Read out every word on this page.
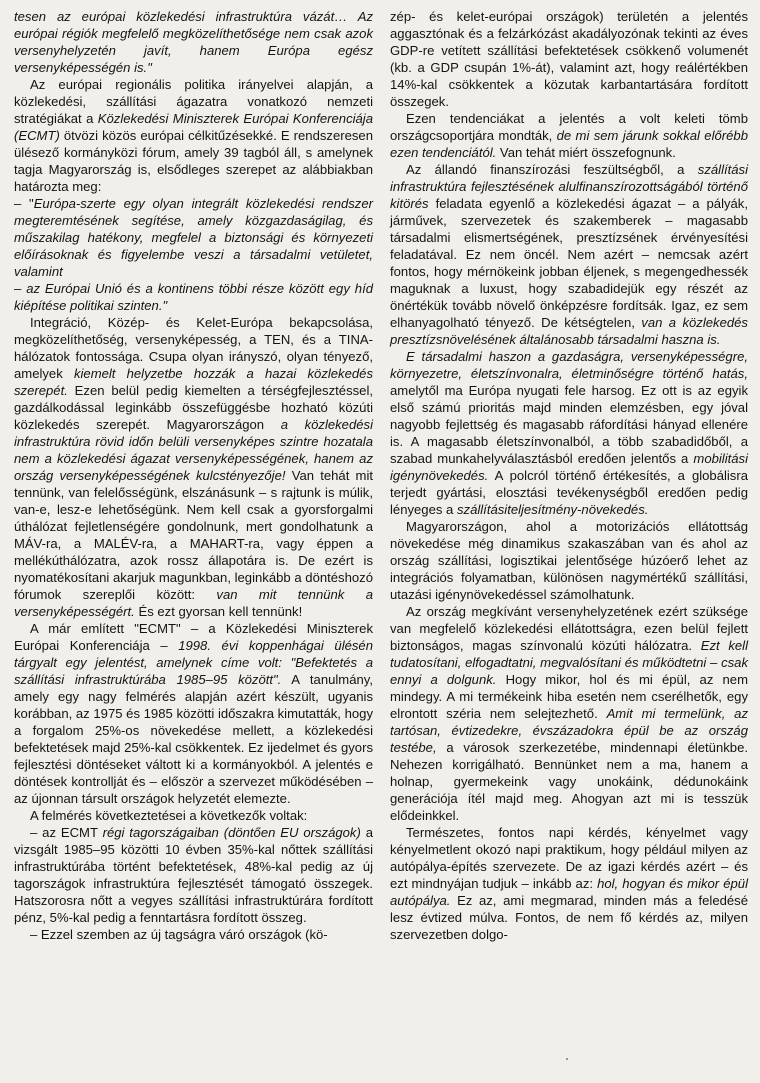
tesen az európai közlekedési infrastruktúra vázát… Az európai régiók megfelelő megközelíthetősége nem csak azok versenyhelyzetén javít, hanem Európa egész versenyképességén is."

Az európai regionális politika irányelvei alapján, a közlekedési, szállítási ágazatra vonatkozó nemzeti stratégiákat a Közlekedési Miniszterek Európai Konferenciája (ECMT) ötvözi közös európai célkitűzésekké. E rendszeresen ülésező kormányközi fórum, amely 39 tagból áll, s amelynek tagja Magyarország is, elsődleges szerepet az alábbiakban határozta meg:

– "Európa-szerte egy olyan integrált közlekedési rendszer megteremtésének segítése, amely közgazdaságilag, és műszakilag hatékony, megfelel a biztonsági és környezeti előírásoknak és figyelembe veszi a társadalmi vetületet, valamint

– az Európai Unió és a kontinens többi része között egy híd kiépítése politikai szinten."

Integráció, Közép- és Kelet-Európa bekapcsolása, megközelíthetőség, versenyképesség, a TEN, és a TINA-hálózatok fontossága. Csupa olyan irányszó, olyan tényező, amelyek kiemelt helyzetbe hozzák a hazai közlekedés szerepét. Ezen belül pedig kiemelten a térségfejlesztéssel, gazdálkodással leginkább összefüggésbe hozható közúti közlekedés szerepét. Magyarországon a közlekedési infrastruktúra rövid időn belüli versenyképes szintre hozatala nem a közlekedési ágazat versenyképességének, hanem az ország versenyképességének kulcstényezője! Van tehát mit tennünk, van felelősségünk, elszánásunk – s rajtunk is múlik, van-e, lesz-e lehetőségünk. Nem kell csak a gyorsforgalmi úthálózat fejletlenségére gondolnunk, mert gondolhatunk a MÁV-ra, a MALÉV-ra, a MAHART-ra, vagy éppen a mellékúthálózatra, azok rossz állapotára is. De ezért is nyomatékosítani akarjuk magunkban, leginkább a döntéshozó fórumok szereplői között: van mit tennünk a versenyképességért. És ezt gyorsan kell tennünk!

A már említett "ECMT" – a Közlekedési Miniszterek Európai Konferenciája – 1998. évi koppenhágai ülésén tárgyalt egy jelentést, amelynek címe volt: "Befektetés a szállítási infrastruktúrába 1985–95 között". A tanulmány, amely egy nagy felmérés alapján azért készült, ugyanis korábban, az 1975 és 1985 közötti időszakra kimutatták, hogy a forgalom 25%-os növekedése mellett, a közlekedési befektetések majd 25%-kal csökkentek. Ez ijedelmet és gyors fejlesztési döntéseket váltott ki a kormányokból. A jelentés e döntések kontrollját és – először a szervezet működésében – az újonnan társult országok helyzetét elemezte.

A felmérés következtetései a következők voltak:

– az ECMT régi tagországaiban (döntően EU országok) a vizsgált 1985–95 közötti 10 évben 35%-kal nőttek szállítási infrastruktúrába történt befektetések, 48%-kal pedig az új tagországok infrastruktúra fejlesztését támogató összegek. Hatszorosra nőtt a vegyes szállítási infrastruktúrára fordított pénz, 5%-kal pedig a fenntartásra fordított összeg.

– Ezzel szemben az új tagságra váró országok (kö-

zép- és kelet-európai országok) területén a jelentés aggasztónak és a felzárkózást akadályozónak tekinti az éves GDP-re vetített szállítási befektetések csökkenő volumenét (kb. a GDP csupán 1%-át), valamint azt, hogy reálértékben 14%-kal csökkentek a közutak karbantartására fordított összegek.

Ezen tendenciákat a jelentés a volt keleti tömb országcsoportjára mondták, de mi sem járunk sokkal előrébb ezen tendenciától. Van tehát miért összefognunk.

Az állandó finanszírozási feszültségből, a szállítási infrastruktúra fejlesztésének alulfinanszírozottságából történő kitörés feladata egyenlő a közlekedési ágazat – a pályák, járművek, szervezetek és szakemberek – magasabb társadalmi elismertségének, presztízsének érvényesítési feladatával. Ez nem öncél. Nem azért – nemcsak azért fontos, hogy mérnökeink jobban éljenek, s megengedhessék maguknak a luxust, hogy szabadidejük egy részét az önértékük tovább növelő önképzésre fordítsák. Igaz, ez sem elhanyagolható tényező. De kétségtelen, van a közlekedés presztízsnövelésének általánosabb társadalmi haszna is.

E társadalmi haszon a gazdaságra, versenyképességre, környezetre, életszínvonalra, életminőségre történő hatás, amelytől ma Európa nyugati fele harsog. Ez ott is az egyik első számú prioritás majd minden elemzésben, egy jóval nagyobb fejlettség és magasabb ráfordítási hányad ellenére is. A magasabb életszínvonalból, a több szabadidőből, a szabad munkahelyválasztásból eredően jelentős a mobilitási igénynövekedés. A polcról történő értékesítés, a globálisra terjedt gyártási, elosztási tevékenységből eredően pedig lényeges a szállításiteljesítmény-növekedés.

Magyarországon, ahol a motorizációs ellátottság növekedése még dinamikus szakaszában van és ahol az ország szállítási, logisztikai jelentősége húzóerő lehet az integrációs folyamatban, különösen nagymértékű szállítási, utazási igénynövekedéssel számolhatunk.

Az ország megkívánt versenyhelyzetének ezért szüksége van megfelelő közlekedési ellátottságra, ezen belül fejlett biztonságos, magas színvonalú közúti hálózatra. Ezt kell tudatosítani, elfogadtatni, megvalósítani és működtetni – csak ennyi a dolgunk. Hogy mikor, hol és mi épül, az nem mindegy. A mi termékeink hiba esetén nem cserélhetők, egy elrontott széria nem selejtezhető. Amit mi termelünk, az tartósan, évtizedekre, évszázadokra épül be az ország testébe, a városok szerkezetébe, mindennapi életünkbe. Nehezen korrigálható. Bennünket nem a ma, hanem a holnap, gyermekeink vagy unokáink, dédunokáink generációja ítél majd meg. Ahogyan azt mi is tesszük elődeinkkel.

Természetes, fontos napi kérdés, kényelmet vagy kényelmetlent okozó napi praktikum, hogy például milyen az autópálya-építés szervezete. De az igazi kérdés azért – és ezt mindnyájan tudjuk – inkább az: hol, hogyan és mikor épül autópálya. Ez az, ami megmarad, minden más a feledésé lesz évtized múlva. Fontos, de nem fő kérdés az, milyen szervezetben dolgo-
